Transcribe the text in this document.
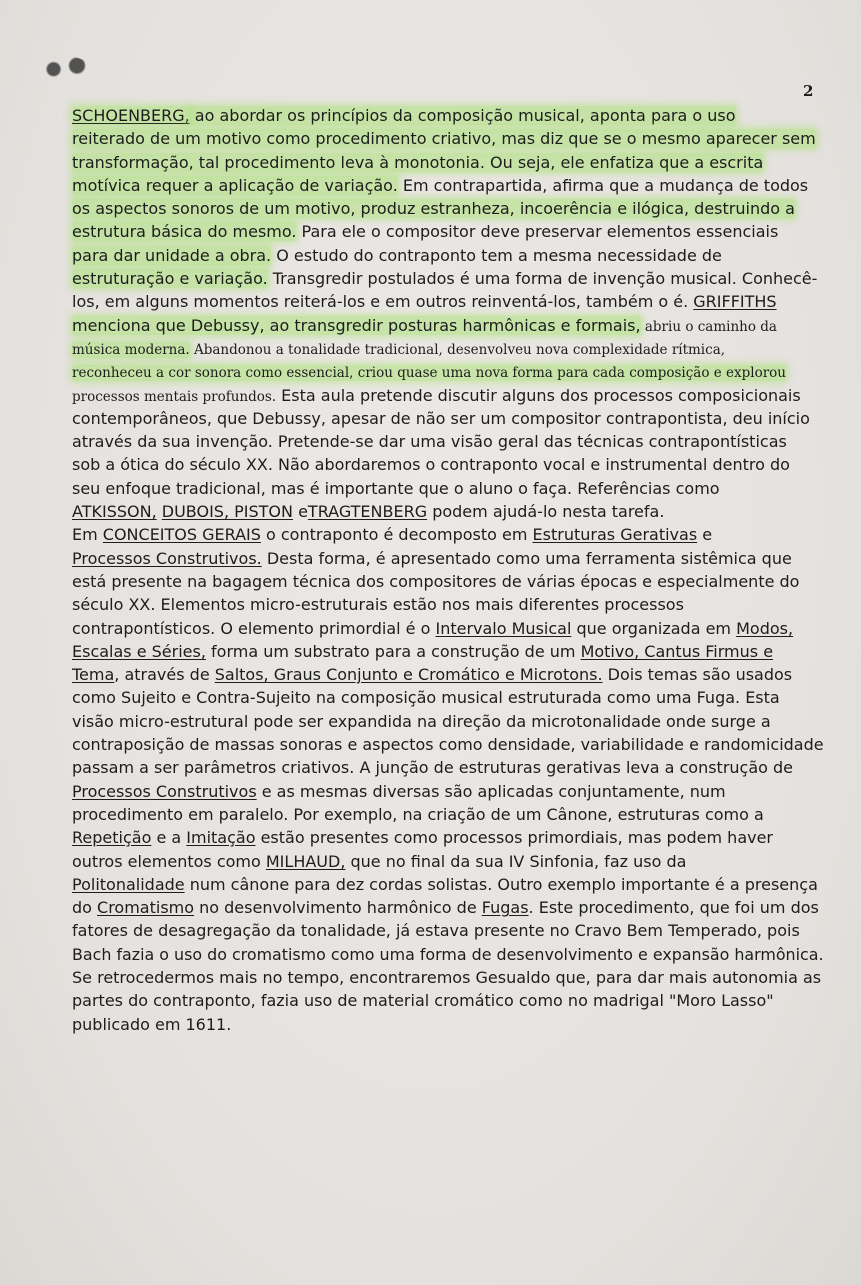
2
SCHOENBERG, ao abordar os princípios da composição musical, aponta para o uso
reiterado de um motivo como procedimento criativo, mas diz que se o mesmo aparecer sem
transformação, tal procedimento leva à monotonia. Ou seja, ele enfatiza que a escrita
motívica requer a aplicação de variação. Em contrapartida, afirma que a mudança de todos
os aspectos sonoros de um motivo, produz estranheza, incoerência e ilógica, destruindo a
estrutura básica do mesmo. Para ele o compositor deve preservar elementos essenciais
para dar unidade a obra. O estudo do contraponto tem a mesma necessidade de
estruturação e variação. Transgredir postulados é uma forma de invenção musical. Conhecê-
los, em alguns momentos reiterá-los e em outros reinventá-los, também o é. GRIFFITHS
menciona que Debussy, ao transgredir posturas harmônicas e formais, abriu o caminho da
música moderna. Abandonou a tonalidade tradicional, desenvolveu nova complexidade rítmica,
reconheceu a cor sonora como essencial, criou quase uma nova forma para cada composição e explorou
processos mentais profundos. Esta aula pretende discutir alguns dos processos composicionais
contemporâneos, que Debussy, apesar de não ser um compositor contrapontista, deu início
através da sua invenção. Pretende-se dar uma visão geral das técnicas contrapontísticas
sob a ótica do século XX. Não abordaremos o contraponto vocal e instrumental dentro do
seu enfoque tradicional, mas é importante que o aluno o faça. Referências como
ATKISSON, DUBOIS, PISTON eTRAGTENBERG podem ajudá-lo nesta tarefa.
Em CONCEITOS GERAIS o contraponto é decomposto em Estruturas Gerativas e
Processos Construtivos. Desta forma, é apresentado como uma ferramenta sistêmica que
está presente na bagagem técnica dos compositores de várias épocas e especialmente do
século XX. Elementos micro-estruturais estão nos mais diferentes processos
contrapontísticos. O elemento primordial é o Intervalo Musical que organizada em Modos,
Escalas e Séries, forma um substrato para a construção de um Motivo, Cantus Firmus e
Tema, através de Saltos, Graus Conjunto e Cromático e Microtons. Dois temas são usados
como Sujeito e Contra-Sujeito na composição musical estruturada como uma Fuga. Esta
visão micro-estrutural pode ser expandida na direção da microtonalidade onde surge a
contraposição de massas sonoras e aspectos como densidade, variabilidade e randomicidade
passam a ser parâmetros criativos. A junção de estruturas gerativas leva a construção de
Processos Construtivos e as mesmas diversas são aplicadas conjuntamente, num
procedimento em paralelo. Por exemplo, na criação de um Cânone, estruturas como a
Repetição e a Imitação estão presentes como processos primordiais, mas podem haver
outros elementos como MILHAUD, que no final da sua IV Sinfonia, faz uso da
Politonalidade num cânone para dez cordas solistas. Outro exemplo importante é a presença
do Cromatismo no desenvolvimento harmônico de Fugas. Este procedimento, que foi um dos
fatores de desagregação da tonalidade, já estava presente no Cravo Bem Temperado, pois
Bach fazia o uso do cromatismo como uma forma de desenvolvimento e expansão harmônica.
Se retrocedermos mais no tempo, encontraremos Gesualdo que, para dar mais autonomia as
partes do contraponto, fazia uso de material cromático como no madrigal "Moro Lasso"
publicado em 1611.
